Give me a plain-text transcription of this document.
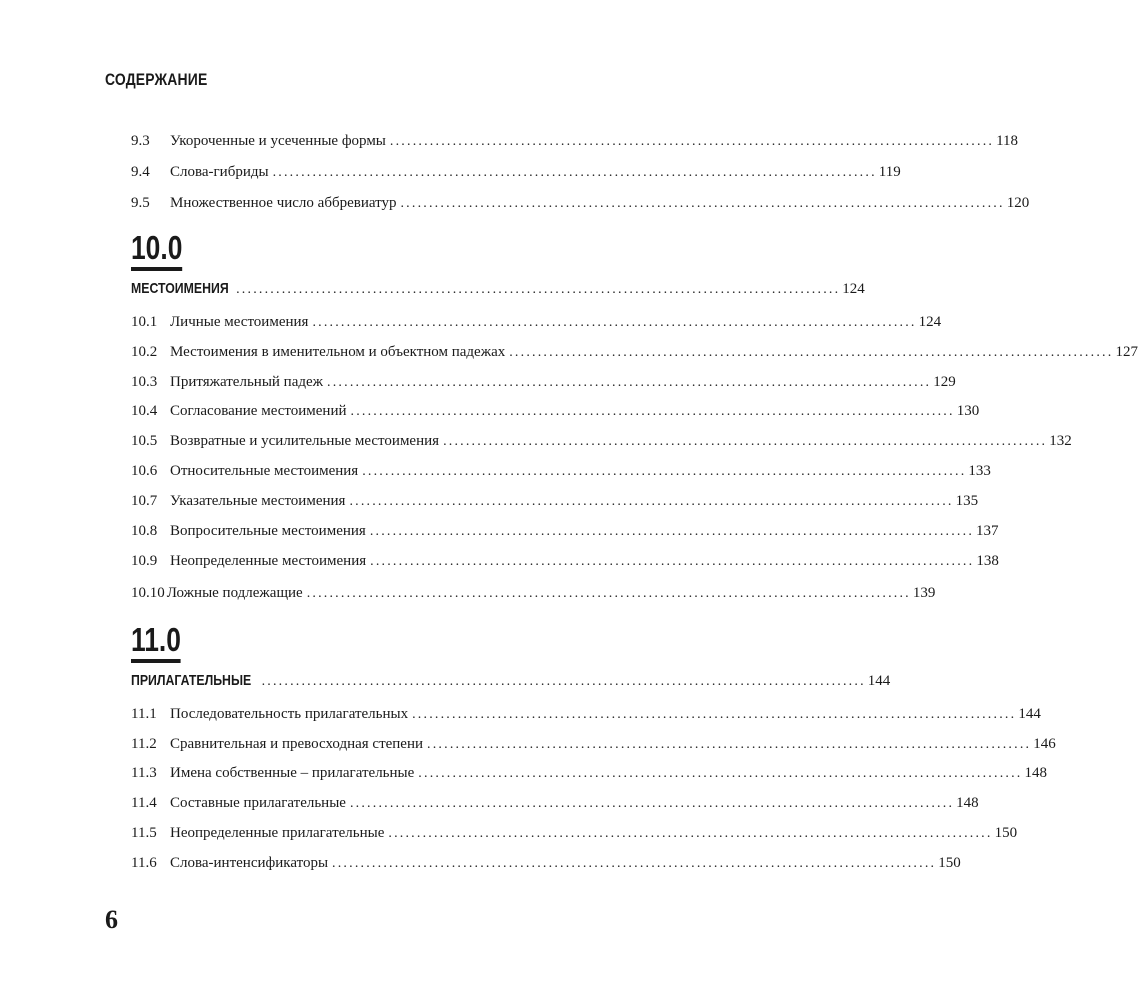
СОДЕРЖАНИЕ
9.3	Укороченные и усеченные формы .......................................................................................................... 118
9.4	Слова-гибриды .......................................................................................................... 119
9.5	Множественное число аббревиатур .......................................................................................................... 120
МЕСТОИМЕНИЯ .......................................................................................................... 124
10.1 Личные местоимения .......................................................................................................... 124
10.2 Местоимения в именительном и объектном падежах .......................................................................................................... 127
10.3 Притяжательный падеж .......................................................................................................... 129
10.4 Согласование местоимений .......................................................................................................... 130
10.5 Возвратные и усилительные местоимения .......................................................................................................... 132
10.6 Относительные местоимения .......................................................................................................... 133
10.7 Указательные местоимения .......................................................................................................... 135
10.8 Вопросительные местоимения .......................................................................................................... 137
10.9 Неопределенные местоимения .......................................................................................................... 138
10.10 Ложные подлежащие .......................................................................................................... 139
ПРИЛАГАТЕЛЬНЫЕ .......................................................................................................... 144
11.1 Последовательность прилагательных .......................................................................................................... 144
11.2 Сравнительная и превосходная степени .......................................................................................................... 146
11.3 Имена собственные – прилагательные .......................................................................................................... 148
11.4 Составные прилагательные .......................................................................................................... 148
11.5 Неопределенные прилагательные .......................................................................................................... 150
11.6 Слова-интенсификаторы .......................................................................................................... 150
10.0
11.0
6
